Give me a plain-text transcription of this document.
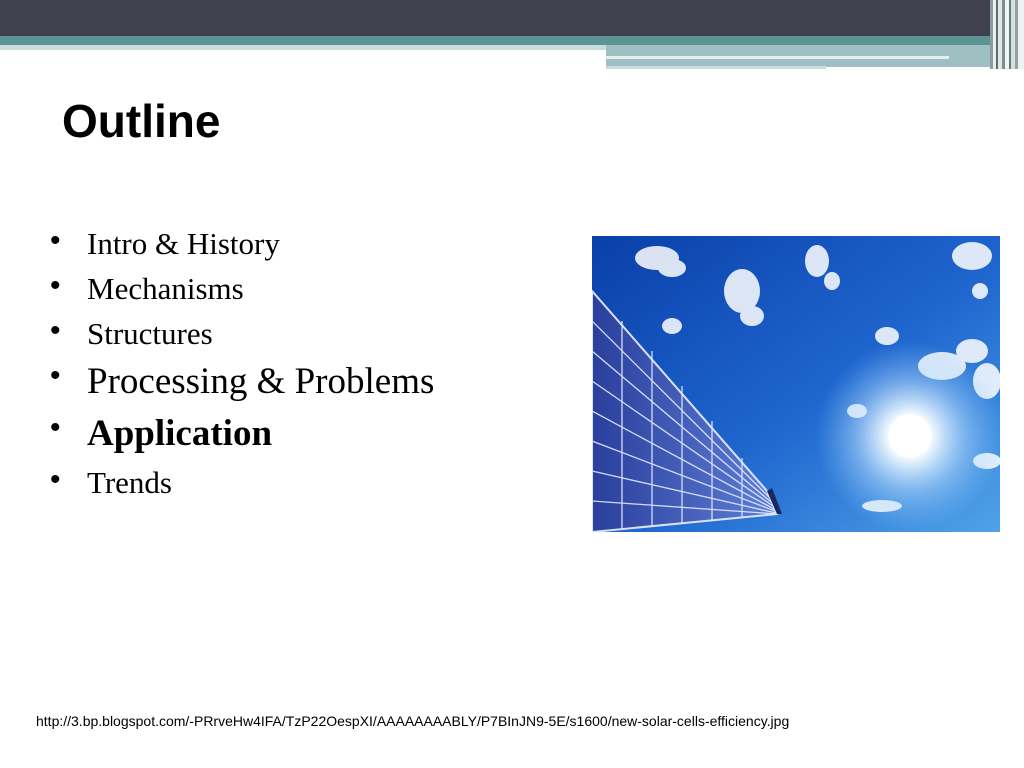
Outline
• Intro & History
• Mechanisms
• Structures
• Processing & Problems
• Application
• Trends

http://3.bp.blogspot.com/-PRrveHw4IFA/TzP22OespXI/AAAAAAAABLY/P7BInJN9-5E/s1600/new-solar-cells-efficiency.jpg
